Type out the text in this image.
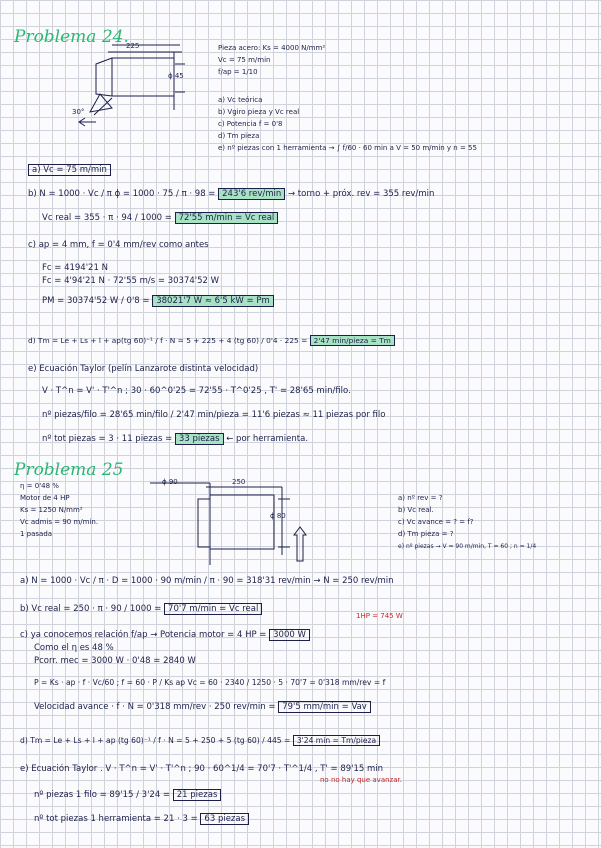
Problema 24.
225
ϕ 45
30°
Pieza acero: Ks = 4000 N/mm²
Vc = 75 m/min
f/ap = 1/10
a) Vc teórica
b) Vgiro pieza y Vc real
c) Potencia f = 0'8
d) Tm pieza
e) nº piezas con 1 herramienta → ∫ f/60 · 60 min a V = 50 m/min y n = 55
a) Vc = 75 m/min
b) N = 1000 · Vc / π ϕ = 1000 · 75 / π · 98 = 243'6 rev/min → torno + próx. rev = 355 rev/min
Vc real = 355 · π · 94 / 1000 = 72'55 m/min = Vc real
c) ap = 4 mm, f = 0'4 mm/rev como antes
Fc = 4194'21 N
Fc = 4'94'21 N · 72'55 m/s = 30374'52 W
PM = 30374'52 W / 0'8 = 38021'7 W ≈ 6'5 kW = Pm
d) Tm = Le + Ls + l + ap(tg 60)⁻¹ / f · N = 5 + 225 + 4 (tg 60) / 0'4 · 225 = 2'47 min/pieza = Tm
e) Ecuación Taylor (pelín Lanzarote distinta velocidad)
V · T^n = V' · T'^n ; 30 · 60^0'25 = 72'55 · T^0'25 , T' = 28'65 min/filo.
nº piezas/filo = 28'65 min/filo / 2'47 min/pieza = 11'6 piezas ≈ 11 piezas por filo
nº tot piezas = 3 · 11 piezas = 33 piezas ← por herramienta.
Problema 25
η = 0'48 %
Motor de 4 HP
Ks = 1250 N/mm²
Vc admis = 90 m/min.
1 pasada
ϕ 90	250
ϕ 80
a) nº rev = ?
b) Vc real.
c) Vc avance = ? = f?
d) Tm pieza = ?
e) nº piezas → V = 90 m/min, T = 60 ; n = 1/4
a) N = 1000 · Vc / π · D = 1000 · 90 m/min / π · 90 = 318'31 rev/min → N = 250 rev/min
b) Vc real = 250 · π · 90 / 1000 = 70'7 m/min = Vc real
1HP = 745 W
c) ya conocemos relación f/ap → Potencia motor = 4 HP = 3000 W
Como el η es 48 %
Pcorr. mec = 3000 W · 0'48 = 2840 W
P = Ks · ap · f · Vc/60 ; f = 60 · P / Ks ap Vc = 60 · 2340 / 1250 · 5 · 70'7 = 0'318 mm/rev = f
Velocidad avance · f · N = 0'318 mm/rev · 250 rev/min = 79'5 mm/min = Vav
d) Tm = Le + Ls + l + ap (tg 60)⁻¹ / f · N = 5 + 250 + 5 (tg 60) / 445 = 3'24 min = Tm/pieza
e) Ecuación Taylor . V · T^n = V' · T'^n ; 90 · 60^1/4 = 70'7 · T'^1/4 , T' = 89'15 min
no no hay que avanzar.
nº piezas 1 filo = 89'15 / 3'24 = 21 piezas
nº tot piezas 1 herramienta = 21 · 3 = 63 piezas
